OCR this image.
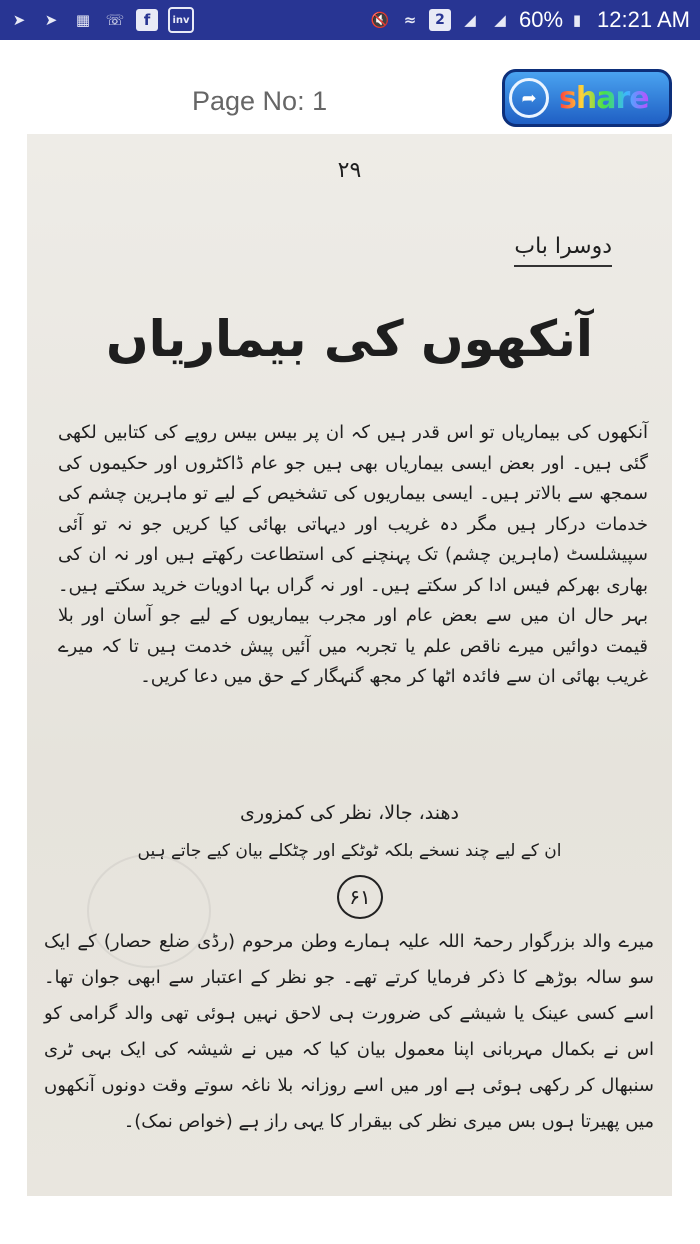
➤	➤	▦ ☏	f	inv	🔇 ≈	2	◢	◢ 60% ▮ 12:21 AM
Page No: 1	➦ share
۲۹
دوسرا باب
آنکھوں کی بیماریاں
آنکھوں کی بیماریاں تو اس قدر ہیں کہ ان پر بیس بیس روپے کی کتابیں لکھی گئی ہیں۔ اور بعض ایسی بیماریاں بھی ہیں جو عام ڈاکٹروں اور حکیموں کی سمجھ سے بالاتر ہیں۔ ایسی بیماریوں کی تشخیص کے لیے تو ماہرین چشم کی خدمات درکار ہیں مگر دہ غریب اور دیہاتی بھائی کیا کریں جو نہ تو آئی سپیشلسٹ (ماہرین چشم) تک پہنچنے کی استطاعت رکھتے ہیں اور نہ ان کی بھاری بھرکم فیس ادا کر سکتے ہیں۔ اور نہ گراں بہا ادویات خرید سکتے ہیں۔ بہر حال ان میں سے بعض عام اور مجرب بیماریوں کے لیے جو آسان اور بلا قیمت دوائیں میرے ناقص علم یا تجربہ میں آئیں پیش خدمت ہیں تا کہ میرے غریب بھائی ان سے فائدہ اٹھا کر مجھ گنہگار کے حق میں دعا کریں۔
دھند، جالا، نظر کی کمزوری
ان کے لیے چند نسخے بلکہ ٹوٹکے اور چٹکلے بیان کیے جاتے ہیں
۶۱
میرے والد بزرگوار رحمۃ اللہ علیہ ہمارے وطن مرحوم (رڈی ضلع حصار) کے ایک سو سالہ بوڑھے کا ذکر فرمایا کرتے تھے۔ جو نظر کے اعتبار سے ابھی جوان تھا۔ اسے کسی عینک یا شیشے کی ضرورت ہی لاحق نہیں ہوئی تھی والد گرامی کو اس نے بکمال مہربانی اپنا معمول بیان کیا کہ میں نے شیشہ کی ایک بہی ٹری سنبھال کر رکھی ہوئی ہے اور میں اسے روزانہ بلا ناغہ سوتے وقت دونوں آنکھوں میں پھیرتا ہوں بس میری نظر کی بیقرار کا یہی راز ہے (خواص نمک)۔
